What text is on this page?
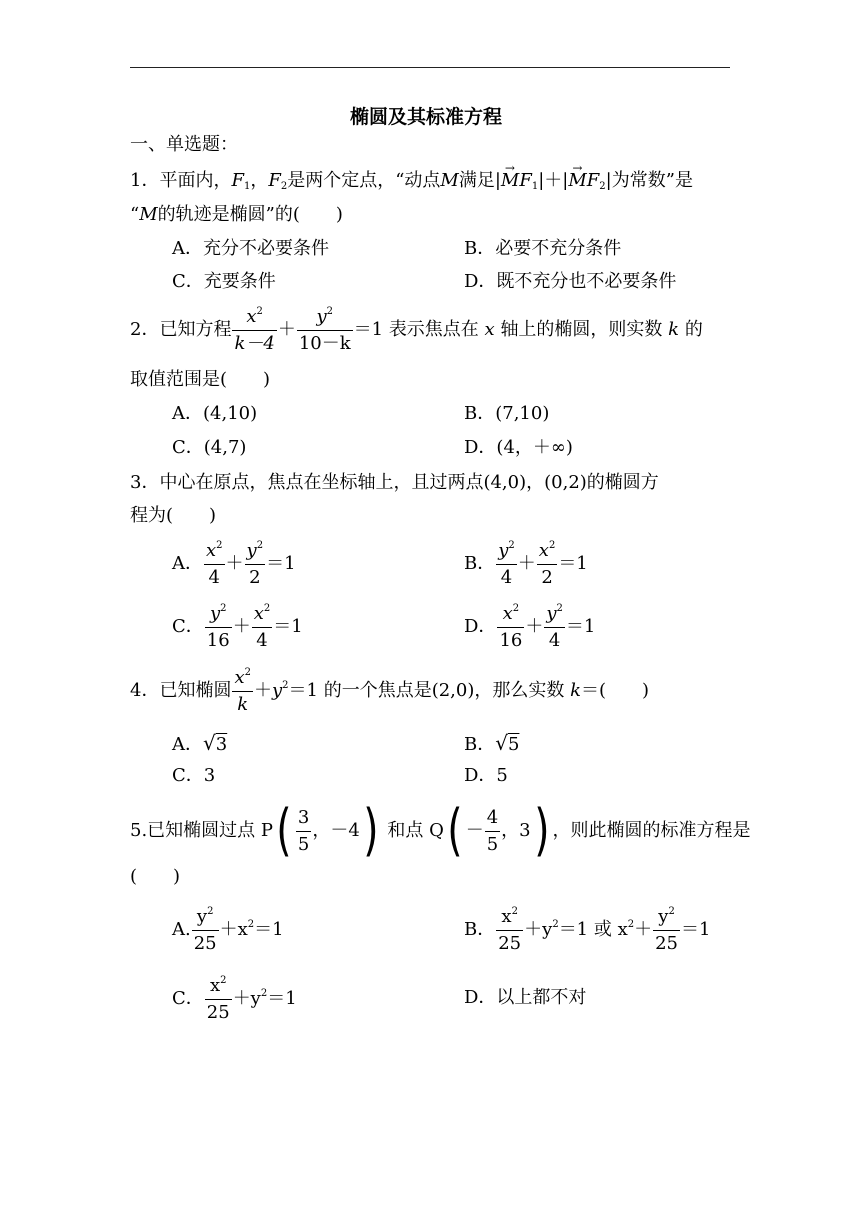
椭圆及其标准方程
一、单选题：
1．平面内，$F_1$，$F_2$是两个定点，“动点M满足$|MF \to_1|+|MF \to_2|$为常数”是
“M的轨迹是椭圆”的(　　)
A．充分不必要条件	B．必要不充分条件
C．充要条件	D．既不充分也不必要条件
2．已知方程 $\frac{x^2}{k-4} + \frac{y^2}{10-k} =1$ 表示焦点在 x 轴上的椭圆，则实数 k 的
取值范围是(　　)
A．(4,10)	B．(7,10)
C．(4,7)	D．(4，＋∞)
3．中心在原点，焦点在坐标轴上，且过两点(4,0)，(0,2)的椭圆方
程为(　　)
A． $\frac{x^2}{4} + \frac{y^2}{2} =1$	B． $\frac{y^2}{4} + \frac{x^2}{2} =1$
C． $\frac{y^2}{16} + \frac{x^2}{4} =1$	D． $\frac{x^2}{16} + \frac{y^2}{4} =1$
4．已知椭圆 $\frac{x^2}{k} +y^2=1$ 的一个焦点是(2,0)，那么实数 k＝(　　)
A．√3	B．√5
C．3	D．5
5.已知椭圆过点 $P( \frac{3}{5}$ ，－4) 和点 $Q( - \frac{4}{5}$ ，3) ，则此椭圆的标准方程是
(　　)
A. $\frac{y^2}{25} +x^2=1$	B． $\frac{x^2}{25} +y^2=1$ 或 $x^2+ \frac{y^2}{25} =1$
C． $\frac{x^2}{25} +y^2=1$	D．以上都不对
